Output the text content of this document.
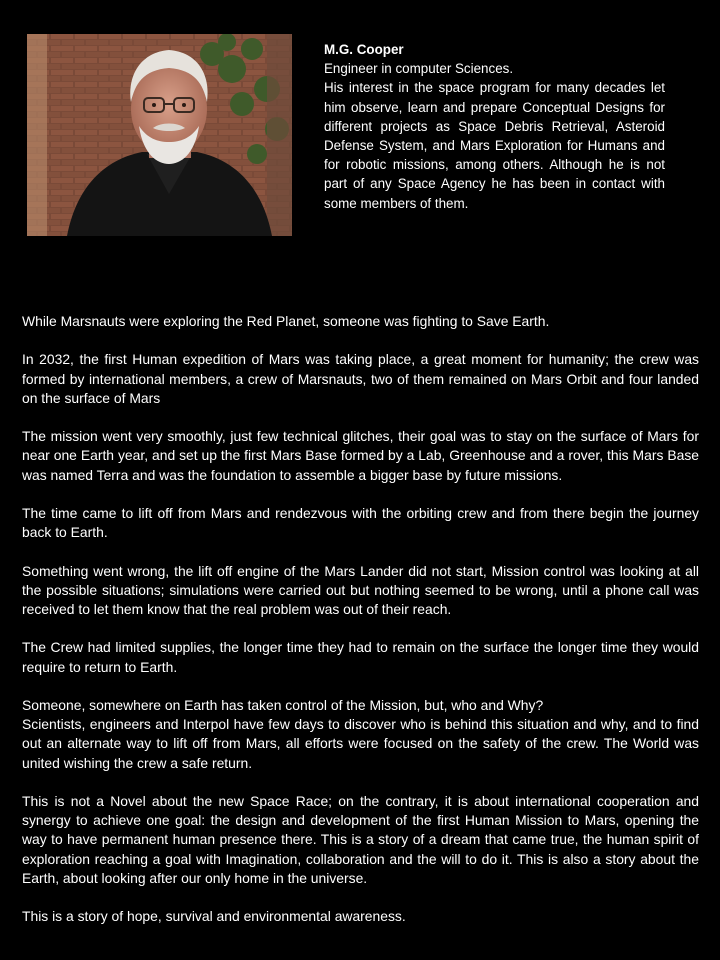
M.G. Cooper

Engineer in computer Sciences.

His interest in the space program for many decades let him observe, learn and prepare Conceptual Designs for different projects as Space Debris Retrieval, Asteroid Defense System, and Mars Exploration for Humans and for robotic missions, among others. Although he is not part of any Space Agency he has been in contact with some members of them.

While Marsnauts were exploring the Red Planet, someone was fighting to Save Earth.

In 2032, the first Human expedition of Mars was taking place, a great moment for humanity; the crew was formed by international members, a crew of Marsnauts, two of them remained on Mars Orbit and four landed on the surface of Mars

The mission went very smoothly, just few technical glitches, their goal was to stay on the surface of Mars for near one Earth year, and set up the first Mars Base formed by a Lab, Greenhouse and a rover, this Mars Base was named Terra and was the foundation to assemble a bigger base by future missions.

The time came to lift off from Mars and rendezvous with the orbiting crew and from there begin the journey back to Earth.

Something went wrong, the lift off engine of the Mars Lander did not start, Mission control was looking at all the possible situations; simulations were carried out but nothing seemed to be wrong, until a phone call was received to let them know that the real problem was out of their reach.

The Crew had limited supplies, the longer time they had to remain on the surface the longer time they would require to return to Earth.

Someone, somewhere on Earth has taken control of the Mission, but, who and Why?

Scientists, engineers and Interpol have few days to discover who is behind this situation and why, and to find out an alternate way to lift off from Mars, all efforts were focused on the safety of the crew. The World was united wishing the crew a safe return.

This is not a Novel about the new Space Race; on the contrary, it is about international cooperation and synergy to achieve one goal: the design and development of the first Human Mission to Mars, opening the way to have permanent human presence there. This is a story of a dream that came true, the human spirit of exploration reaching a goal with Imagination, collaboration and the will to do it. This is also a story about the Earth, about looking after our only home in the universe.

This is a story of hope, survival and environmental awareness.
